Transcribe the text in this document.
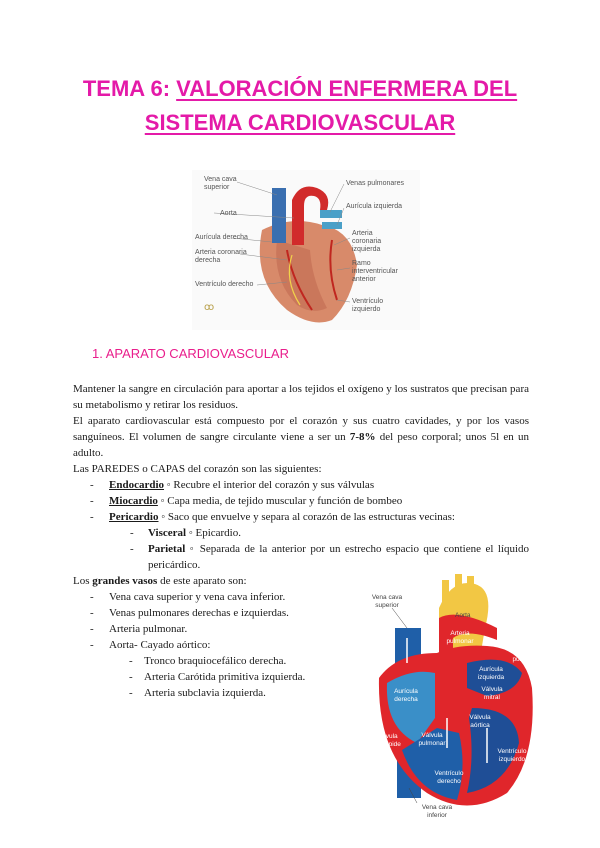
TEMA 6: VALORACIÓN ENFERMERA DEL
SISTEMA CARDIOVASCULAR
ꝏ
Vena cava superior
Aorta
Aurícula derecha
Arteria coronaria derecha
Ventrículo derecho
Venas pulmonares
Aurícula izquierda
Arteria coronaria izquierda
Ramo interventricular anterior
Ventrículo izquierdo
1. APARATO CARDIOVASCULAR

Mantener la sangre en circulación para aportar a los tejidos el oxígeno y los sustratos que precisan para su metabolismo y retirar los residuos.

El aparato cardiovascular está compuesto por el corazón y sus cuatro cavidades, y por los vasos sanguíneos. El volumen de sangre circulante viene a ser un 7-8% del peso corporal; unos 5l en un adulto.

Las PAREDES o CAPAS del corazón son las siguientes:

- Endocardio ◦ Recubre el interior del corazón y sus válvulas
- Miocardio ◦ Capa media, de tejido muscular y función de bombeo
- Pericardio ◦ Saco que envuelve y separa al corazón de las estructuras vecinas:
- Visceral ◦ Epicardio.
- Parietal ◦ Separada de la anterior por un estrecho espacio que contiene el líquido pericárdico.

Los grandes vasos de este aparato son:

- Vena cava superior y vena cava inferior.
- Venas pulmonares derechas e izquierdas.
- Arteria pulmonar.
- Aorta- Cayado aórtico:
- Tronco braquiocefálico derecha.
- Arteria Carótida primitiva izquierda.
- Arteria subclavia izquierda.
Vena cava superior
Aorta
Arteria pulmonar
Vena pulmonar
Aurícula izquierda
Válvula mitral
Aurícula derecha
Válvula aórtica
Válvula tricúspide
Válvula pulmonar
Ventrículo izquierdo
Ventrículo derecho
Vena cava inferior
